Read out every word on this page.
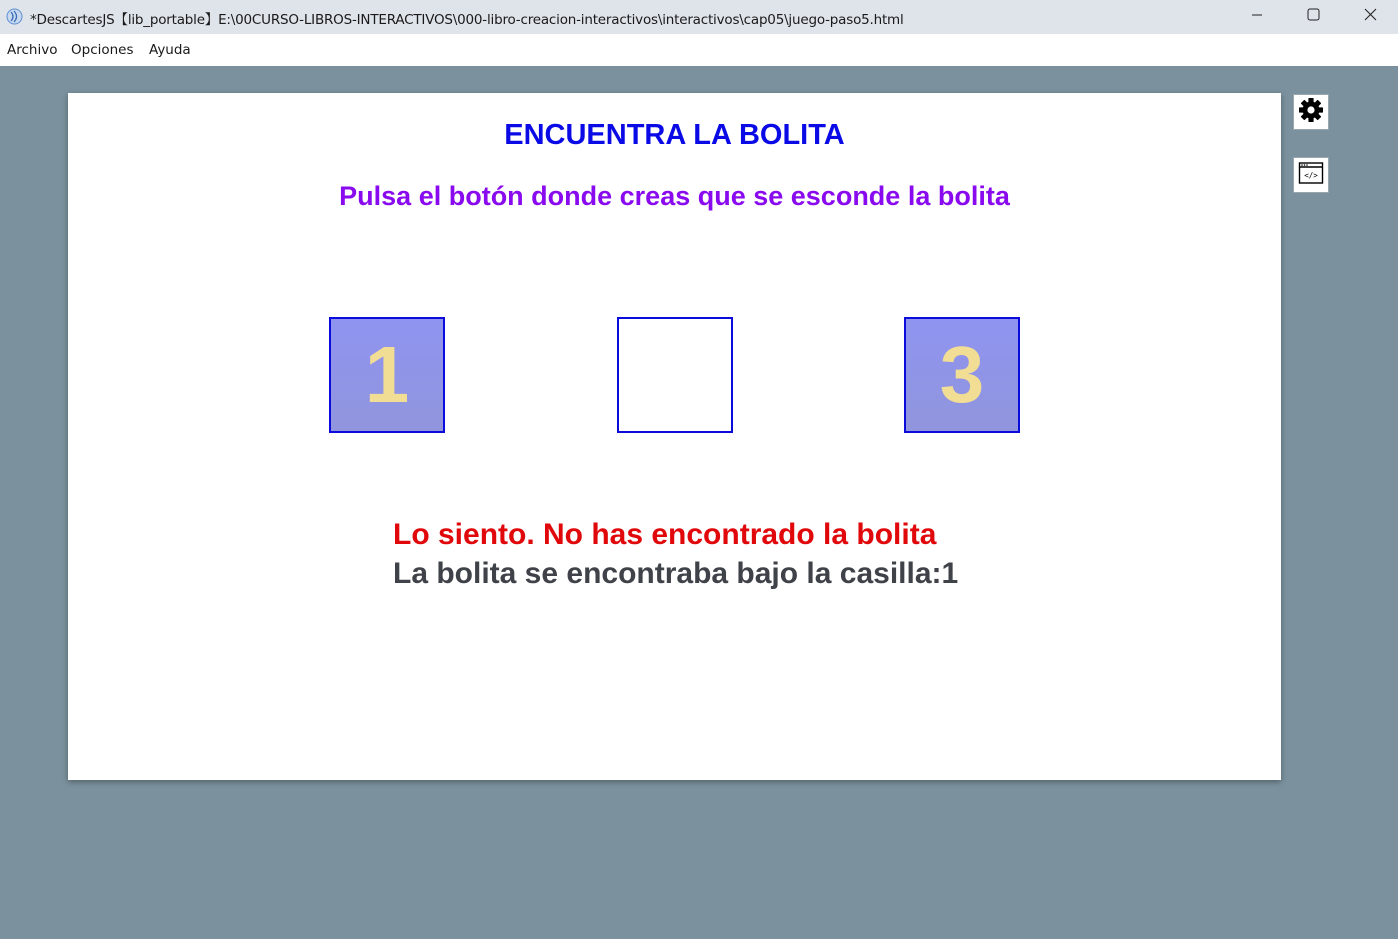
*DescartesJS【lib_portable】E:\00CURSO-LIBROS-INTERACTIVOS\000-libro-creacion-interactivos\interactivos\cap05\juego-paso5.html
Archivo Opciones Ayuda
ENCUENTRA LA BOLITA
Pulsa el botón donde creas que se esconde la bolita
1	3
Lo siento. No has encontrado la bolita
La bolita se encontraba bajo la casilla:1
</>
